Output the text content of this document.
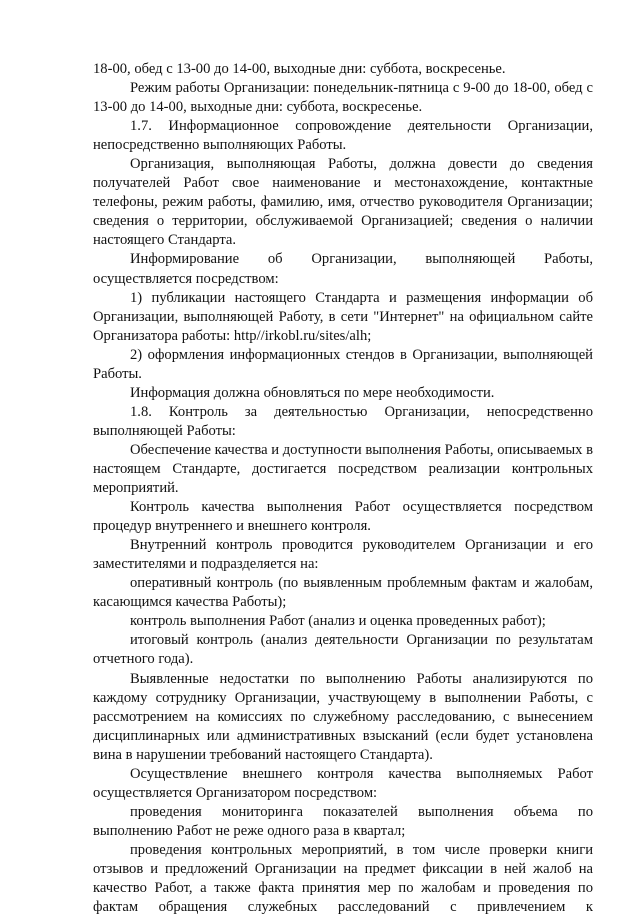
18-00, обед с 13-00 до 14-00, выходные дни: суббота, воскресенье.

Режим работы Организации: понедельник-пятница с 9-00 до 18-00, обед с 13-00 до 14-00, выходные дни: суббота, воскресенье.

1.7. Информационное сопровождение деятельности Организации, непосредственно выполняющих Работы.

Организация, выполняющая Работы, должна довести до сведения получателей Работ свое наименование и местонахождение, контактные телефоны, режим работы, фамилию, имя, отчество руководителя Организации; сведения о территории, обслуживаемой Организацией; сведения о наличии настоящего Стандарта.

Информирование об Организации, выполняющей Работы, осуществляется посредством:

1) публикации настоящего Стандарта и размещения информации об Организации, выполняющей Работу, в сети "Интернет" на официальном сайте Организатора работы: http//irkobl.ru/sites/alh;

2) оформления информационных стендов в Организации, выполняющей Работы.

Информация должна обновляться по мере необходимости.

1.8. Контроль за деятельностью Организации, непосредственно выполняющей Работы:

Обеспечение качества и доступности выполнения Работы, описываемых в настоящем Стандарте, достигается посредством реализации контрольных мероприятий.

Контроль качества выполнения Работ осуществляется посредством процедур внутреннего и внешнего контроля.

Внутренний контроль проводится руководителем Организации и его заместителями и подразделяется на:

оперативный контроль (по выявленным проблемным фактам и жалобам, касающимся качества Работы);

контроль выполнения Работ (анализ и оценка проведенных работ);

итоговый контроль (анализ деятельности Организации по результатам отчетного года).

Выявленные недостатки по выполнению Работы анализируются по каждому сотруднику Организации, участвующему в выполнении Работы, с рассмотрением на комиссиях по служебному расследованию, с вынесением дисциплинарных или административных взысканий (если будет установлена вина в нарушении требований настоящего Стандарта).

Осуществление внешнего контроля качества выполняемых Работ осуществляется Организатором посредством:

проведения мониторинга показателей выполнения объема по выполнению Работ не реже одного раза в квартал;

проведения контрольных мероприятий, в том числе проверки книги отзывов и предложений Организации на предмет фиксации в ней жалоб на качество Работ, а также факта принятия мер по жалобам и проведения по фактам обращения служебных расследований с привлечением к
